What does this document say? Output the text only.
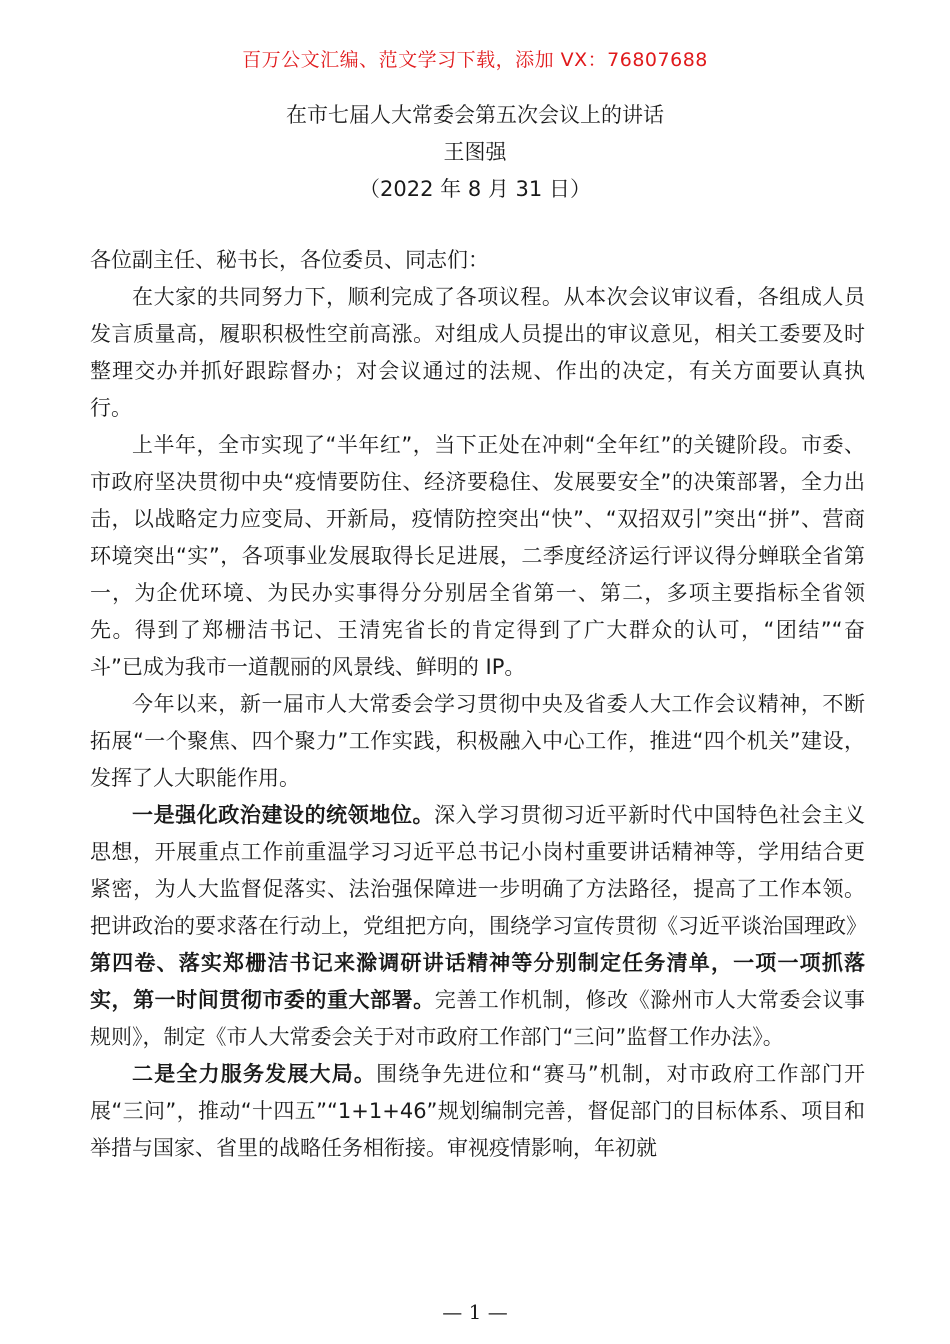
百万公文汇编、范文学习下载，添加 VX：76807688
在市七届人大常委会第五次会议上的讲话
王图强
（2022 年 8 月 31 日）

各位副主任、秘书长，各位委员、同志们：

在大家的共同努力下，顺利完成了各项议程。从本次会议审议看，各组成人员发言质量高，履职积极性空前高涨。对组成人员提出的审议意见，相关工委要及时整理交办并抓好跟踪督办；对会议通过的法规、作出的决定，有关方面要认真执行。

上半年，全市实现了“半年红”，当下正处在冲刺“全年红”的关键阶段。市委、市政府坚决贯彻中央“疫情要防住、经济要稳住、发展要安全”的决策部署，全力出击，以战略定力应变局、开新局，疫情防控突出“快”、“双招双引”突出“拼”、营商环境突出“实”，各项事业发展取得长足进展，二季度经济运行评议得分蝉联全省第一，为企优环境、为民办实事得分分别居全省第一、第二，多项主要指标全省领先。得到了郑栅洁书记、王清宪省长的肯定得到了广大群众的认可，“团结”“奋斗”已成为我市一道靓丽的风景线、鲜明的 IP。

今年以来，新一届市人大常委会学习贯彻中央及省委人大工作会议精神，不断拓展“一个聚焦、四个聚力”工作实践，积极融入中心工作，推进“四个机关”建设，发挥了人大职能作用。

一是强化政治建设的统领地位。深入学习贯彻习近平新时代中国特色社会主义思想，开展重点工作前重温学习习近平总书记小岗村重要讲话精神等，学用结合更紧密，为人大监督促落实、法治强保障进一步明确了方法路径，提高了工作本领。把讲政治的要求落在行动上，党组把方向，围绕学习宣传贯彻《习近平谈治国理政》第四卷、落实郑栅洁书记来滁调研讲话精神等分别制定任务清单，一项一项抓落实，第一时间贯彻市委的重大部署。完善工作机制，修改《滁州市人大常委会议事规则》，制定《市人大常委会关于对市政府工作部门“三问”监督工作办法》。

二是全力服务发展大局。围绕争先进位和“赛马”机制，对市政府工作部门开展“三问”，推动“十四五”“1+1+46”规划编制完善，督促部门的目标体系、项目和举措与国家、省里的战略任务相衔接。审视疫情影响，年初就

— 1 —
